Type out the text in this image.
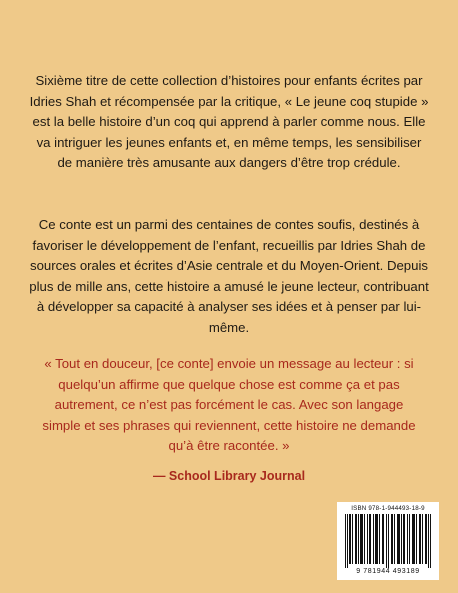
Sixième titre de cette collection d’histoires pour enfants écrites par Idries Shah et récompensée par la critique, « Le jeune coq stupide » est la belle histoire d’un coq qui apprend à parler comme nous. Elle va intriguer les jeunes enfants et, en même temps, les sensibiliser de manière très amusante aux dangers d’être trop crédule.

Ce conte est un parmi des centaines de contes soufis, destinés à favoriser le développement de l’enfant, recueillis par Idries Shah de sources orales et écrites d’Asie centrale et du Moyen-Orient. Depuis plus de mille ans, cette histoire a amusé le jeune lecteur, contribuant à développer sa capacité à analyser ses idées et à penser par lui-même.

« Tout en douceur, [ce conte] envoie un message au lecteur : si quelqu’un affirme que quelque chose est comme ça et pas autrement, ce n’est pas forcément le cas. Avec son langage simple et ses phrases qui reviennent, cette histoire ne demande qu’à être racontée. »
— School Library Journal
ISBN 978-1-944493-18-9
9 781944 493189
